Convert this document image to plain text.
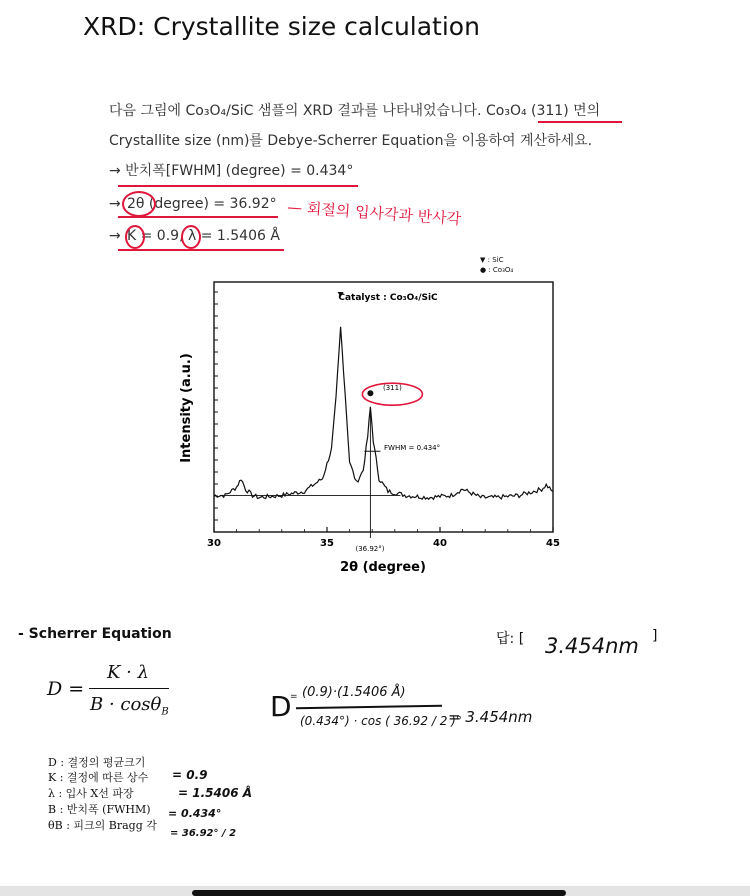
XRD: Crystallite size calculation
다음 그림에 Co₃O₄/SiC 샘플의 XRD 결과를 나타내었습니다. Co₃O₄ (311) 면의
Crystallite size (nm)를 Debye-Scherrer Equation을 이용하여 계산하세요.
→ 반치폭[FWHM] (degree) = 0.434°
→ 2θ (degree) = 36.92° — 회절의 입사각과 반사각
→ K = 0.9, λ = 1.5406 Å
▼ : SiC
● : Co₃O₄
30	35	40	45
Catalyst : Co₃O₄/SiC
Intensity (a.u.)
2θ (degree)
(36.92°)
(311)
FWHM = 0.434°
- Scherrer Equation	답: [ 3.454nm ]
D =
K · λ
B · cosθ$_B$	D
= (0.9)·(1.5406 Å)
(0.434°) · cos ( 36.92 / 2 )°
= 3.454nm
D : 결정의 평균크기
K : 결정에 따른 상수
λ : 입사 X선 파장
B : 반치폭 (FWHM)
θB : 피크의 Bragg 각
= 0.9
= 1.5406 Å
= 0.434°
= 36.92° / 2
